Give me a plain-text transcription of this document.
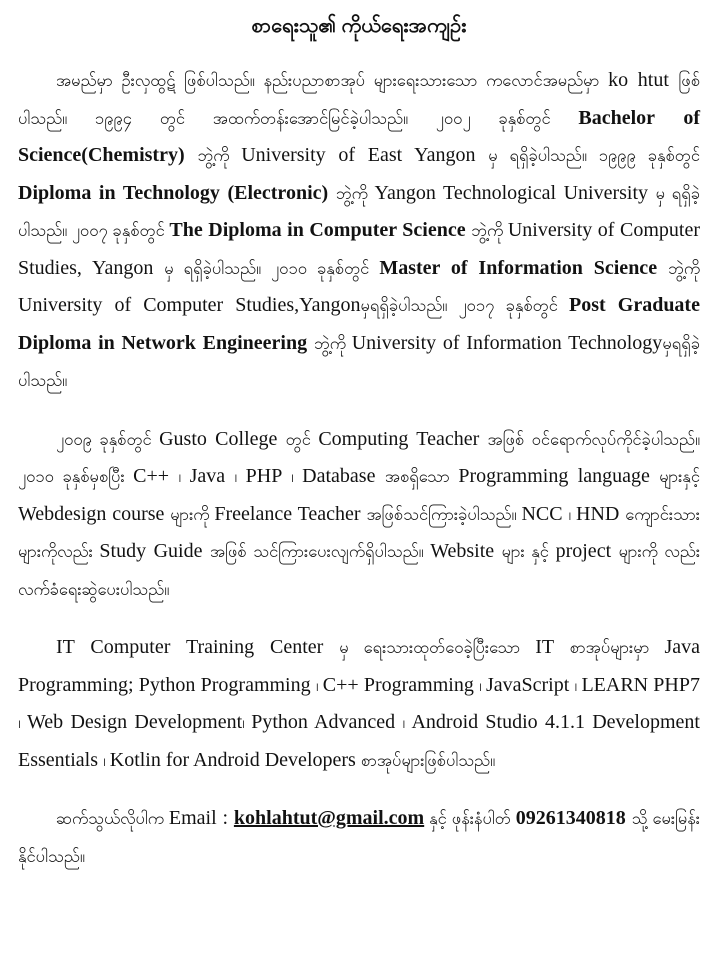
စာရေးသူ၏ ကိုယ်ရေးအကျဉ်း

အမည်မှာ ဦးလှထွဋ် ဖြစ်ပါသည်။ နည်းပညာစာအုပ် များရေးသားသော ကလောင်အမည်မှာ ko htut ဖြစ်ပါသည်။ ၁၉၉၄ တွင် အထက်တန်းအောင်မြင်ခဲ့ပါသည်။ ၂၀၀၂ ခုနှစ်တွင် Bachelor of Science(Chemistry) ဘွဲ့ကို University of East Yangon မှ ရရှိခဲ့ပါသည်။ ၁၉၉၉ ခုနှစ်တွင် Diploma in Technology (Electronic) ဘွဲ့ကို Yangon Technological University မှ ရရှိခဲ့ပါသည်။ ၂၀၀၇ ခုနှစ်တွင် The Diploma in Computer Science ဘွဲ့ကို University of Computer Studies, Yangon မှ ရရှိခဲ့ပါသည်။ ၂၀၁၀ ခုနှစ်တွင် Master of Information Science ဘွဲ့ကို University of Computer Studies,Yangonမှရရှိခဲ့ပါသည်။ ၂၀၁၇ ခုနှစ်တွင် Post Graduate Diploma in Network Engineering ဘွဲ့ကို University of Information Technologyမှရရှိခဲ့ပါသည်။

၂၀၀၉ ခုနှစ်တွင် Gusto College တွင် Computing Teacher အဖြစ် ဝင်ရောက်လုပ်ကိုင်ခဲ့ပါသည်။ ၂၀၁၀ ခုနှစ်မှစပြီး C++ ၊ Java ၊ PHP ၊ Database အစရှိသော Programming language များနှင့် Webdesign course များကို Freelance Teacher အဖြစ်သင်ကြားခဲ့ပါသည်။ NCC ၊ HND ကျောင်းသားများကိုလည်း Study Guide အဖြစ် သင်ကြားပေးလျက်ရှိပါသည်။ Website များ နှင့် project များကို လည်းလက်ခံရေးဆွဲပေးပါသည်။

IT Computer Training Center မှ ရေးသားထုတ်ဝေခဲ့ပြီးသော IT စာအုပ်များမှာ Java Programming; Python Programming ၊ C++ Programming ၊ JavaScript ၊ LEARN PHP7 ၊ Web Design Development၊ Python Advanced ၊ Android Studio 4.1.1 Development Essentials ၊ Kotlin for Android Developers စာအုပ်များဖြစ်ပါသည်။

ဆက်သွယ်လိုပါက Email : kohlahtut@gmail.com နှင့် ဖုန်းနံပါတ် 09261340818 သို့ မေးမြန်းနိုင်ပါသည်။
